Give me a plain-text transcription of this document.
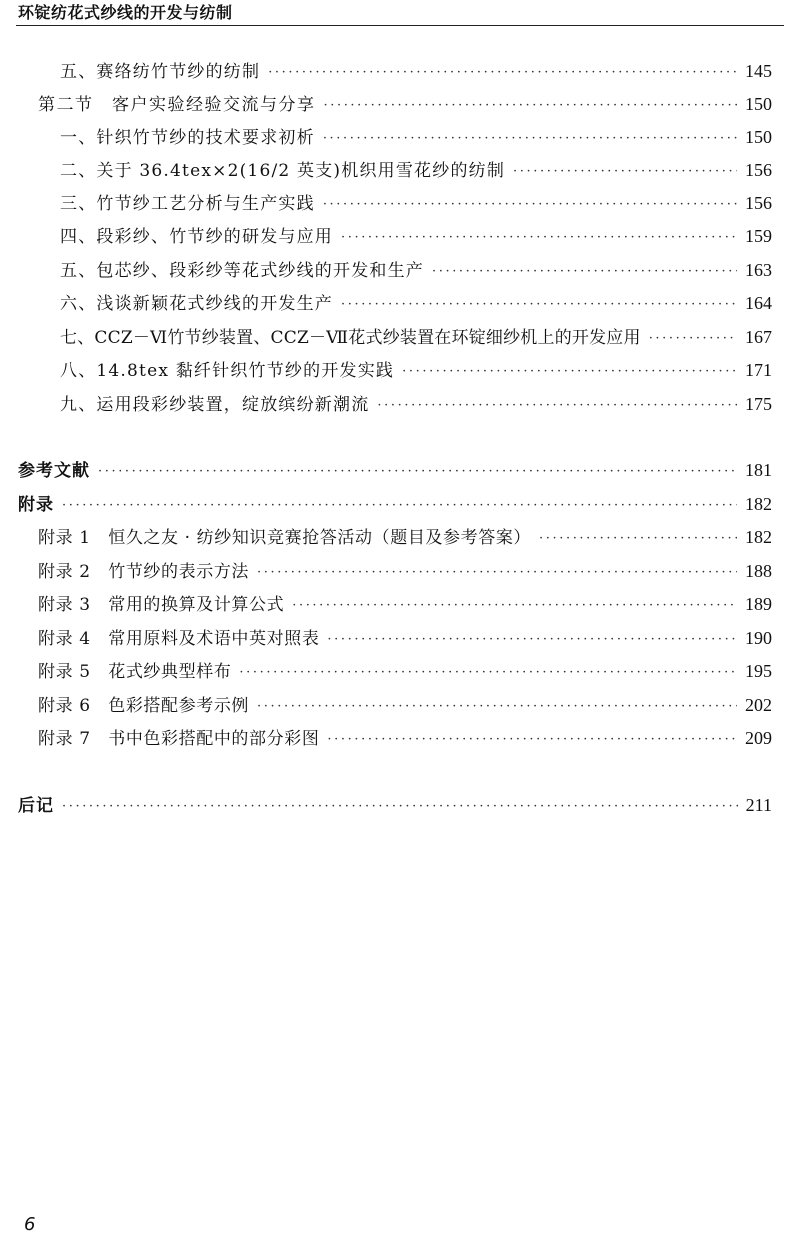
环锭纺花式纱线的开发与纺制
五、赛络纺竹节纱的纺制 ·····	145
第二节　客户实验经验交流与分享 ·····	150
一、针织竹节纱的技术要求初析 ·····	150
二、关于 36.4tex×2(16/2 英支)机织用雪花纱的纺制 ·····	156
三、竹节纱工艺分析与生产实践 ·····	156
四、段彩纱、竹节纱的研发与应用 ·····	159
五、包芯纱、段彩纱等花式纱线的开发和生产 ·····	163
六、浅谈新颖花式纱线的开发生产 ·····	164
七、CCZ－Ⅵ竹节纱装置、CCZ－Ⅶ花式纱装置在环锭细纱机上的开发应用 ·····	167
八、14.8tex 黏纤针织竹节纱的开发实践 ·····	171
九、运用段彩纱装置，绽放缤纷新潮流 ·····	175
参考文献 ·····	181
附录 ·····	182
附录 1　恒久之友 · 纺纱知识竞赛抢答活动（题目及参考答案） ·····	182
附录 2　竹节纱的表示方法 ·····	188
附录 3　常用的换算及计算公式 ·····	189
附录 4　常用原料及术语中英对照表 ·····	190
附录 5　花式纱典型样布 ·····	195
附录 6　色彩搭配参考示例 ·····	202
附录 7　书中色彩搭配中的部分彩图 ·····	209
后记 ·····	211
6
